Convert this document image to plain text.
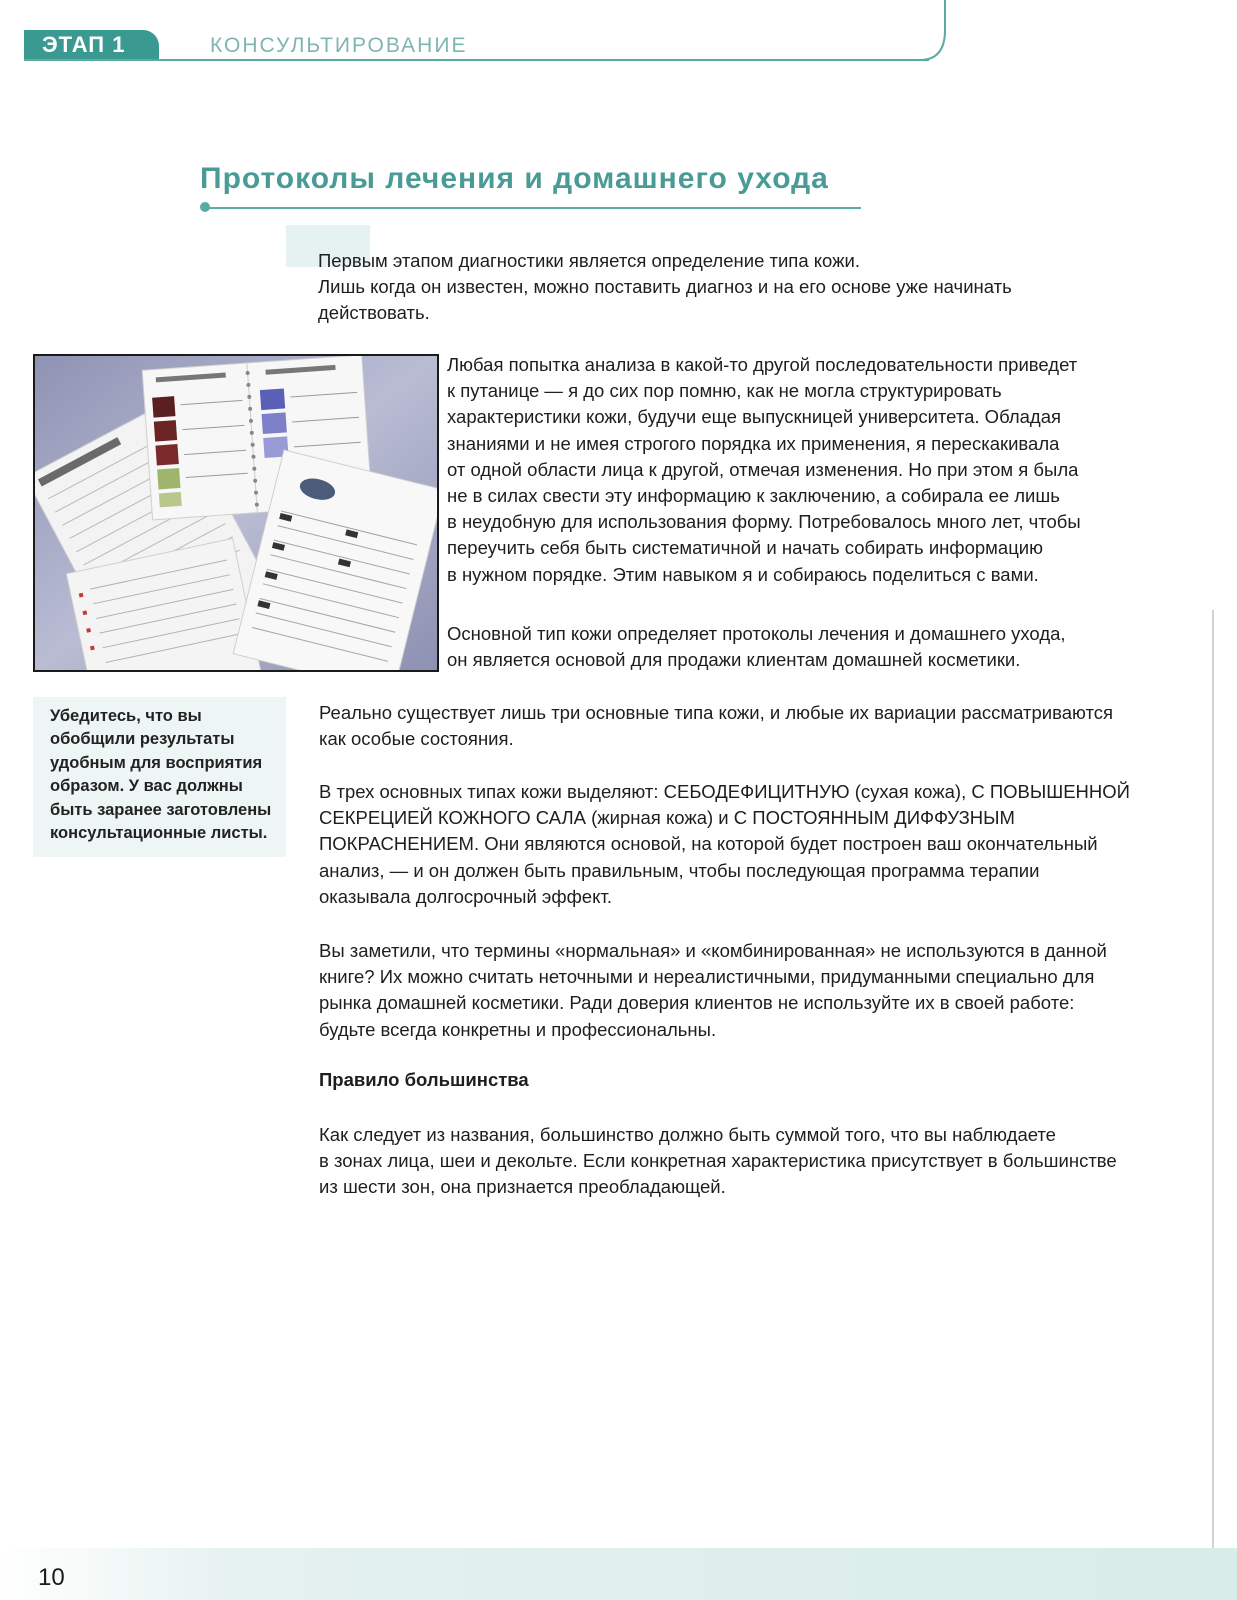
ЭТАП 1	КОНСУЛЬТИРОВАНИЕ
Протоколы лечения и домашнего ухода
Первым этапом диагностики является определение типа кожи.
Лишь когда он известен, можно поставить диагноз и на его основе уже начинать
действовать.
Любая попытка анализа в какой-то другой последовательности приведет
к путанице — я до сих пор помню, как не могла структурировать
характеристики кожи, будучи еще выпускницей университета. Обладая
знаниями и не имея строгого порядка их применения, я перескакивала
от одной области лица к другой, отмечая изменения. Но при этом я была
не в силах свести эту информацию к заключению, а собирала ее лишь
в неудобную для использования форму. Потребовалось много лет, чтобы
переучить себя быть систематичной и начать собирать информацию
в нужном порядке. Этим навыком я и собираюсь поделиться с вами.
Основной тип кожи определяет протоколы лечения и домашнего ухода,
он является основой для продажи клиентам домашней косметики.
Убедитесь, что вы
обобщили результаты
удобным для восприятия
образом. У вас должны
быть заранее заготовлены
консультационные листы.
Реально существует лишь три основные типа кожи, и любые их вариации рассматриваются
как особые состояния.
В трех основных типах кожи выделяют: СЕБОДЕФИЦИТНУЮ (сухая кожа), С ПОВЫШЕННОЙ
СЕКРЕЦИЕЙ КОЖНОГО САЛА (жирная кожа) и С ПОСТОЯННЫМ ДИФФУЗНЫМ
ПОКРАСНЕНИЕМ. Они являются основой, на которой будет построен ваш окончательный
анализ, — и он должен быть правильным, чтобы последующая программа терапии
оказывала долгосрочный эффект.
Вы заметили, что термины «нормальная» и «комбинированная» не используются в данной
книге? Их можно считать неточными и нереалистичными, придуманными специально для
рынка домашней косметики. Ради доверия клиентов не используйте их в своей работе:
будьте всегда конкретны и профессиональны.
Правило большинства
Как следует из названия, большинство должно быть суммой того, что вы наблюдаете
в зонах лица, шеи и декольте. Если конкретная характеристика присутствует в большинстве
из шести зон, она признается преобладающей.
10
